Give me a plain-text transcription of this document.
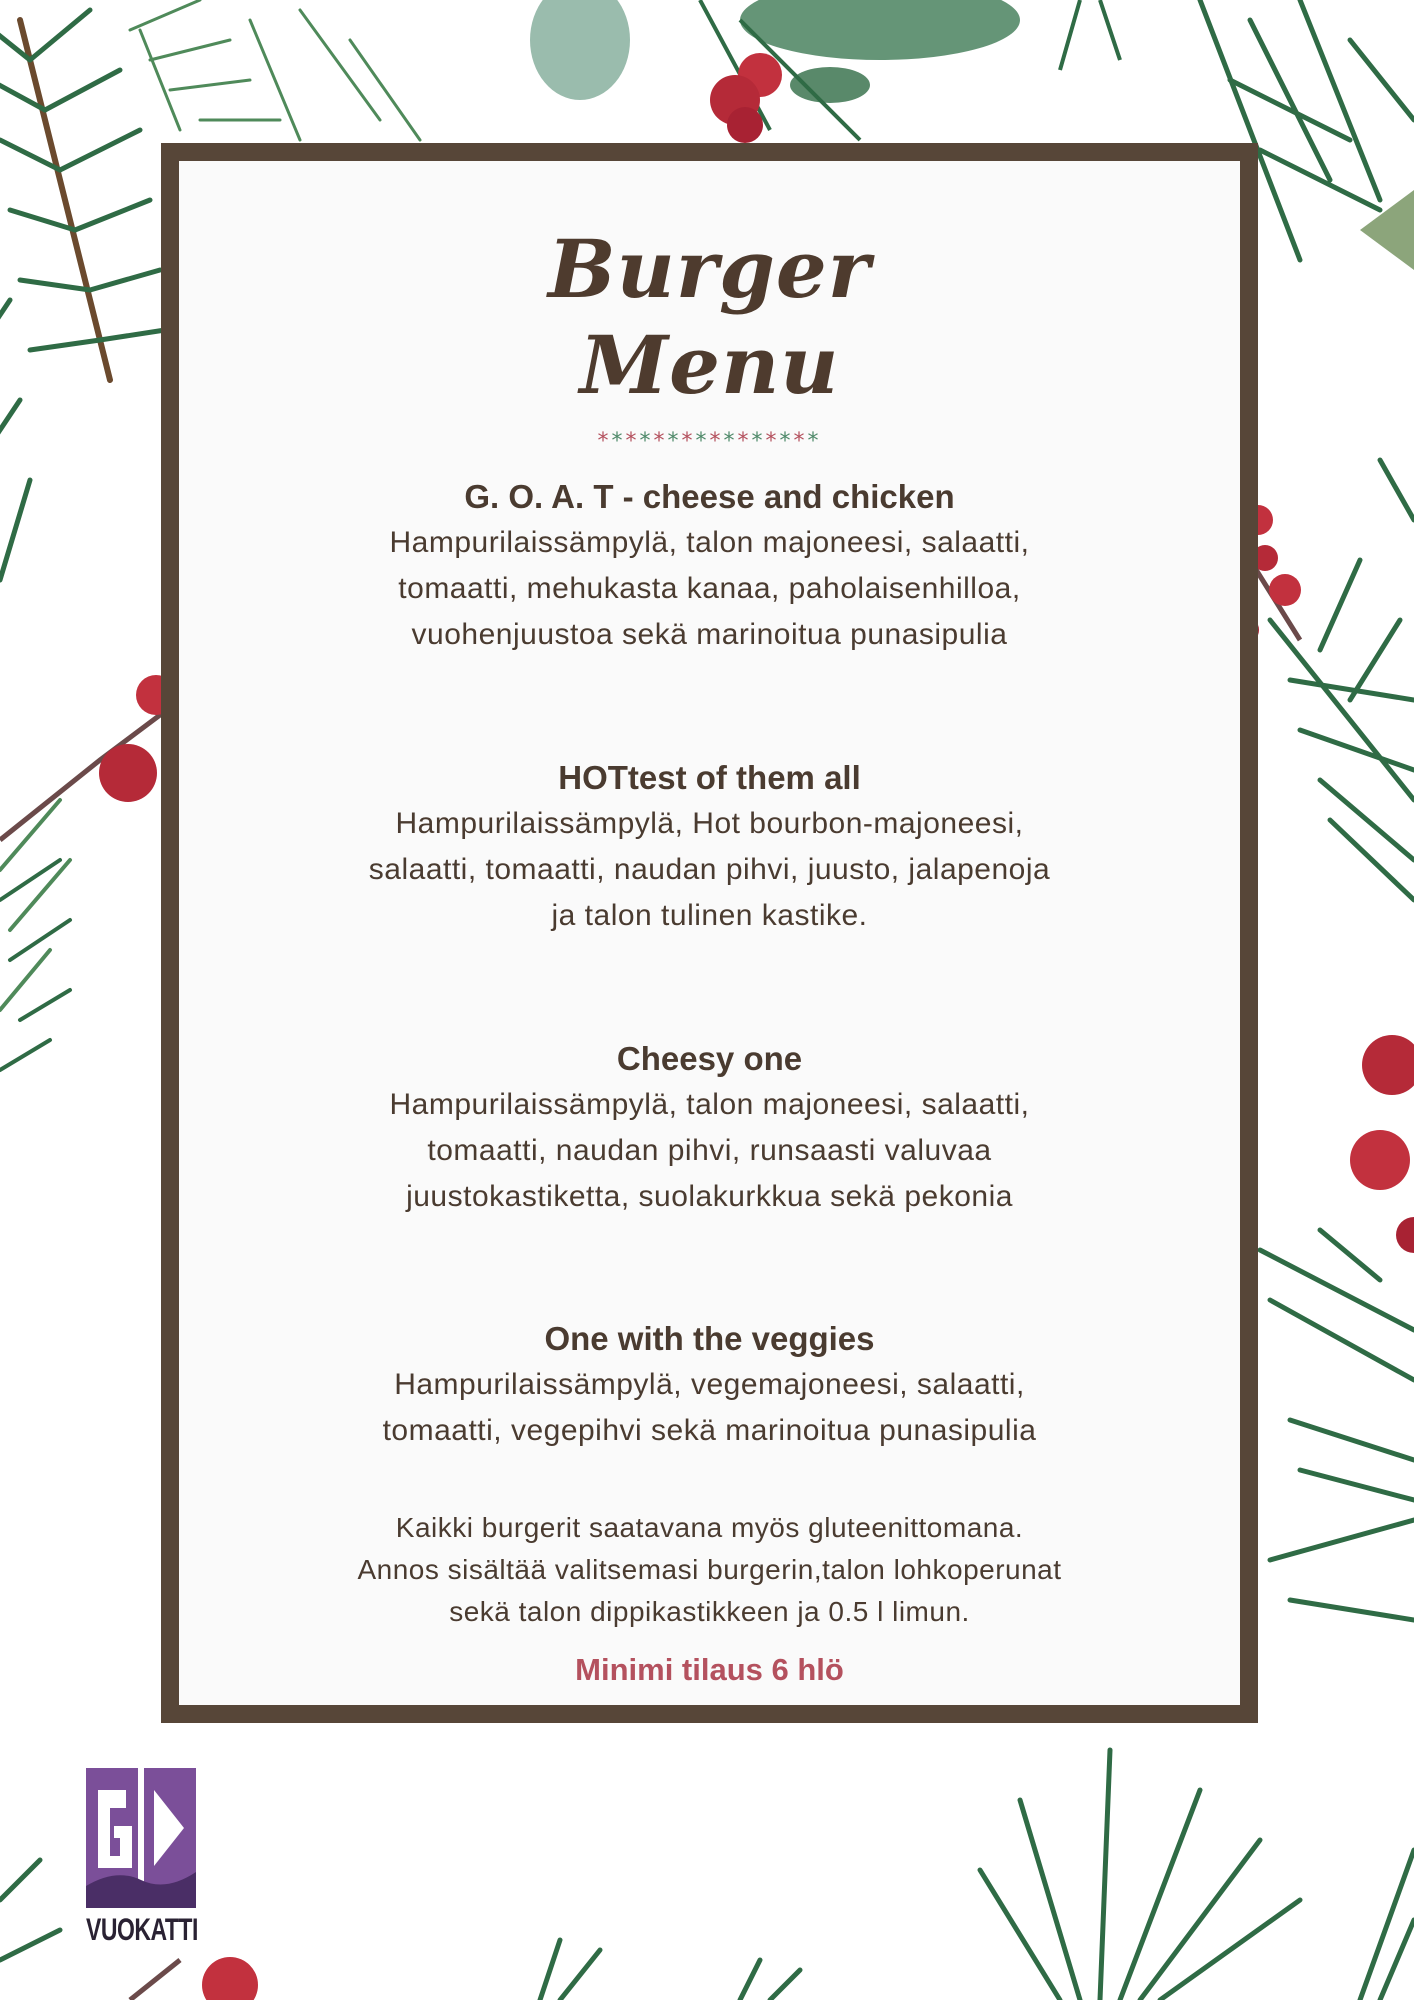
Burger
Menu
****************
G. O. A. T - cheese and chicken
Hampurilaissämpylä, talon majoneesi, salaatti,
tomaatti, mehukasta kanaa, paholaisenhilloa,
vuohenjuustoa sekä marinoitua punasipulia
HOTtest of them all
Hampurilaissämpylä, Hot bourbon-majoneesi,
salaatti, tomaatti, naudan pihvi, juusto, jalapenoja
ja talon tulinen kastike.
Cheesy one
Hampurilaissämpylä, talon majoneesi, salaatti,
tomaatti, naudan pihvi, runsaasti valuvaa
juustokastiketta, suolakurkkua sekä pekonia
One with the veggies
Hampurilaissämpylä, vegemajoneesi, salaatti,
tomaatti, vegepihvi sekä marinoitua punasipulia
Kaikki burgerit saatavana myös gluteenittomana.
Annos sisältää valitsemasi burgerin,talon lohkoperunat
sekä talon dippikastikkeen ja 0.5 l limun.
Minimi tilaus 6 hlö
VUOKATTI
